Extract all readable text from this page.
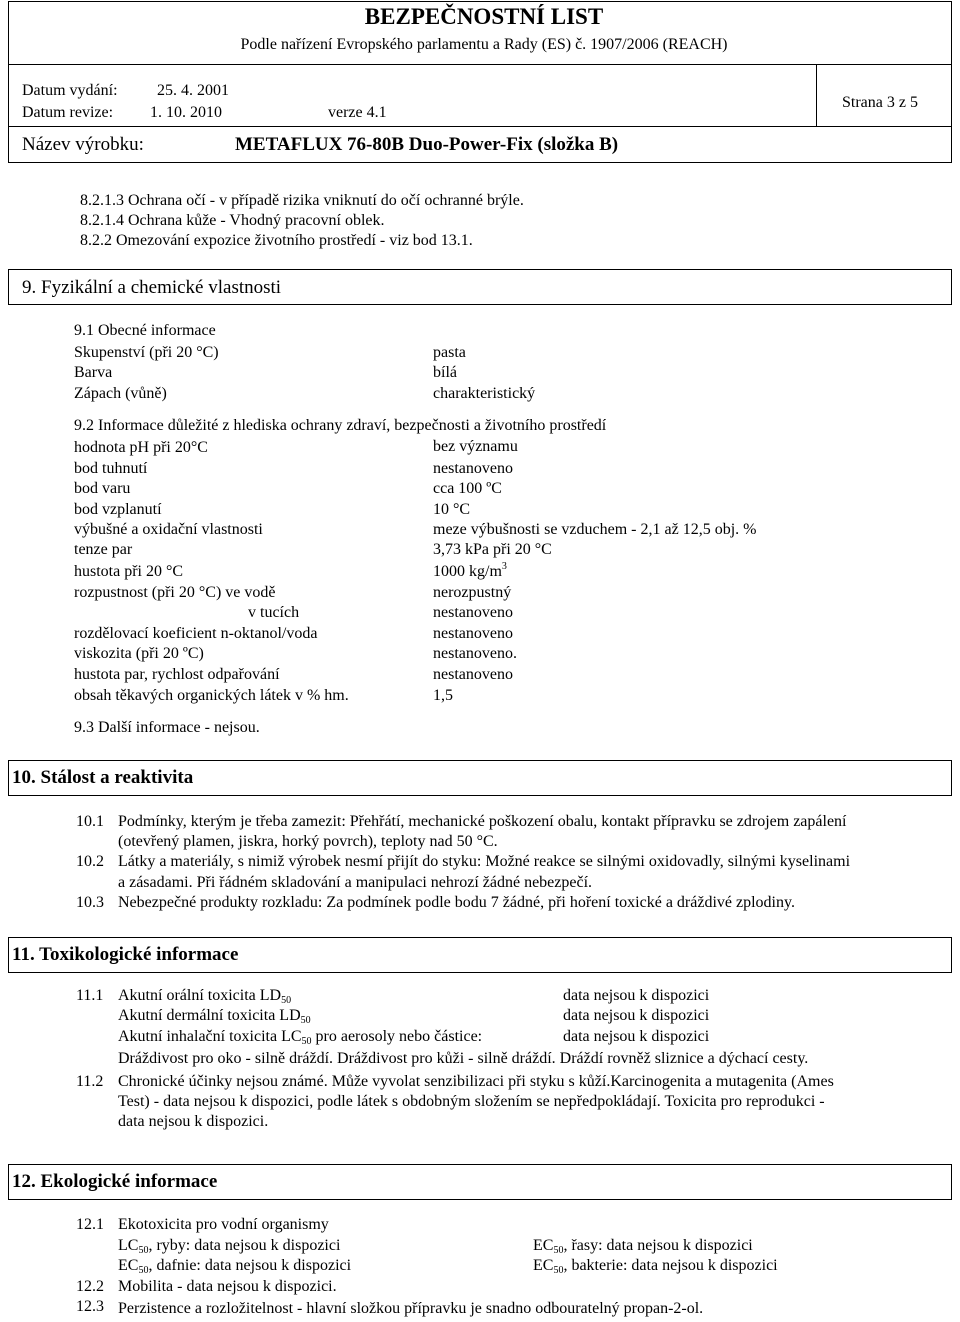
BEZPEČNOSTNÍ LIST
Podle nařízení Evropského parlamentu a Rady (ES) č. 1907/2006 (REACH)
Datum vydání: 25. 4. 2001
Datum revize: 1. 10. 2010	verze 4.1
Strana 3 z 5
Název výrobku:	METAFLUX 76-80B Duo-Power-Fix (složka B)
8.2.1.3 Ochrana očí - v případě rizika vniknutí do očí ochranné brýle.
8.2.1.4 Ochrana kůže - Vhodný pracovní oblek.
8.2.2 Omezování expozice životního prostředí - viz bod 13.1.
9. Fyzikální a chemické vlastnosti
9.1 Obecné informace
Skupenství (při 20 °C)	pasta
Barva	bílá
Zápach (vůně)	charakteristický
9.2 Informace důležité z hlediska ochrany zdraví, bezpečnosti a životního prostředí
hodnota pH při 20°C	bez významu
bod tuhnutí	nestanoveno
bod varu	cca 100 ºC
bod vzplanutí	10 °C
výbušné a oxidační vlastnosti	meze výbušnosti se vzduchem - 2,1 až 12,5 obj. %
tenze par	3,73 kPa při 20 °C
hustota při 20 °C	1000 $kg/m^3$
rozpustnost (při 20 °C) ve vodě	nerozpustný
v tucích	nestanoveno
rozdělovací koeficient n-oktanol/voda	nestanoveno
viskozita (při 20 ºC)	nestanoveno.
hustota par, rychlost odpařování	nestanoveno
obsah těkavých organických látek v % hm.	1,5
9.3 Další informace - nejsou.
10. Stálost a reaktivita
10.1 Podmínky, kterým je třeba zamezit: Přehřátí, mechanické poškození obalu, kontakt přípravku se zdrojem zapálení
(otevřený plamen, jiskra, horký povrch), teploty nad 50 °C.
10.2 Látky a materiály, s nimiž výrobek nesmí přijít do styku: Možné reakce se silnými oxidovadly, silnými kyselinami
a zásadami. Při řádném skladování a manipulaci nehrozí žádné nebezpečí.
10.3 Nebezpečné produkty rozkladu: Za podmínek podle bodu 7 žádné, při hoření toxické a dráždivé zplodiny.
11. Toxikologické informace
11.1 Akutní orální toxicita $LD_{50}$	data nejsou k dispozici
Akutní dermální toxicita $LD_{50}$	data nejsou k dispozici
Akutní inhalační toxicita $LC_{50}$ pro aerosoly nebo částice:	data nejsou k dispozici
Dráždivost pro oko - silně dráždí. Dráždivost pro kůži - silně dráždí. Dráždí rovněž sliznice a dýchací cesty.
11.2 Chronické účinky nejsou známé. Může vyvolat senzibilizaci při styku s kůží.Karcinogenita a mutagenita (Ames
Test) - data nejsou k dispozici, podle látek s obdobným složením se nepředpokládají. Toxicita pro reprodukci -
data nejsou k dispozici.
12. Ekologické informace
12.1 Ekotoxicita pro vodní organismy
$LC_{50}$, ryby: data nejsou k dispozici	$EC_{50}$, řasy: data nejsou k dispozici
$EC_{50}$, dafnie: data nejsou k dispozici	$EC_{50}$, bakterie: data nejsou k dispozici
12.2 Mobilita - data nejsou k dispozici.
12.3 Perzistence a rozložitelnost - hlavní složkou přípravku je snadno odbouratelný propan-2-ol.
